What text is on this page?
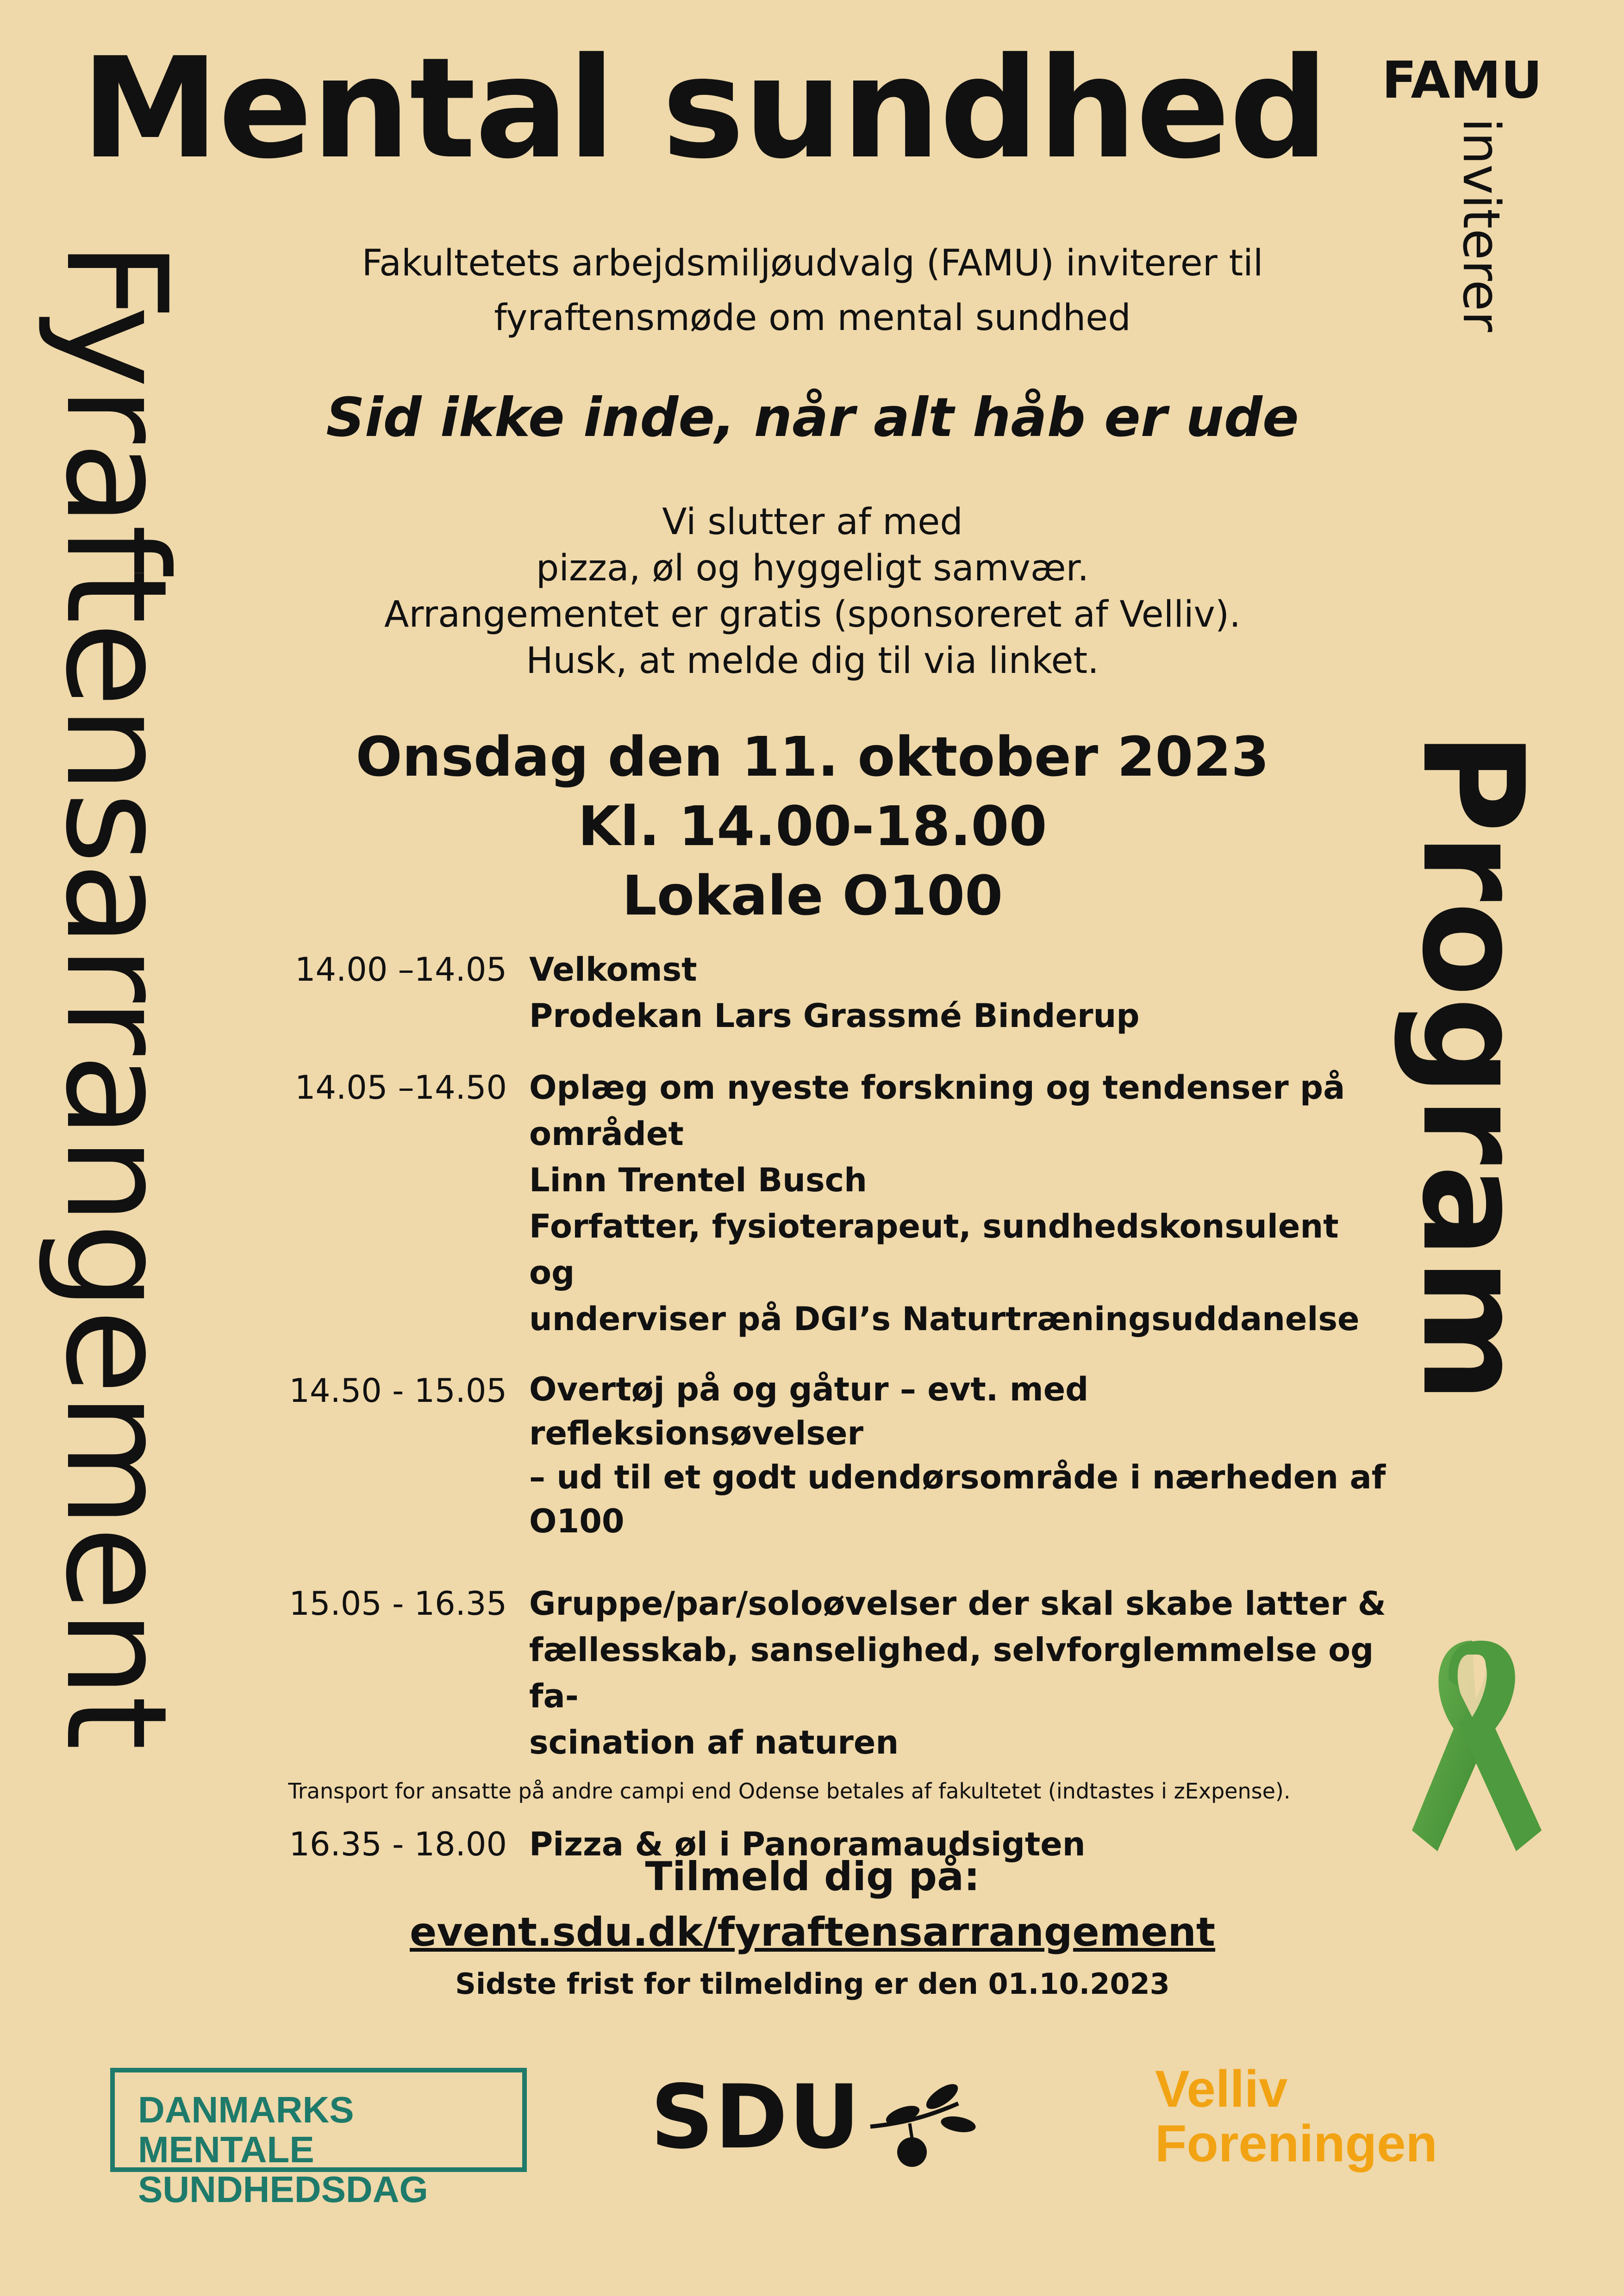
Mental sundhed FAMU
inviterer
Fyraftensarrangement	Program
Fakultetets arbejdsmiljøudvalg (FAMU) inviterer til
fyraftensmøde om mental sundhed
Sid ikke inde, når alt håb er ude
Vi slutter af med
pizza, øl og hyggeligt samvær.
Arrangementet er gratis (sponsoreret af Velliv).
Husk, at melde dig til via linket.
Onsdag den 11. oktober 2023
Kl. 14.00-18.00
Lokale O100
14.00 –14.05 Velkomst
Prodekan Lars Grassmé Binderup
14.05 –14.50 Oplæg om nyeste forskning og tendenser på
området
Linn Trentel Busch
Forfatter, fysioterapeut, sundhedskonsulent og
underviser på DGI’s Naturtræningsuddanelse
14.50 - 15.05 Overtøj på og gåtur – evt. med refleksionsøvelser
– ud til et godt udendørsområde i nærheden af
O100
15.05 - 16.35 Gruppe/par/soloøvelser der skal skabe latter &
fællesskab, sanselighed, selvforglemmelse og fa-
scination af naturen
16.35 - 18.00 Pizza & øl i Panoramaudsigten
Transport for ansatte på andre campi end Odense betales af fakultetet (indtastes i zExpense).
Tilmeld dig på:
event.sdu.dk/fyraftensarrangement
Sidste frist for tilmelding er den 01.10.2023
DANMARKS MENTALE
SUNDHEDSDAG
SDU	Velliv
Foreningen
